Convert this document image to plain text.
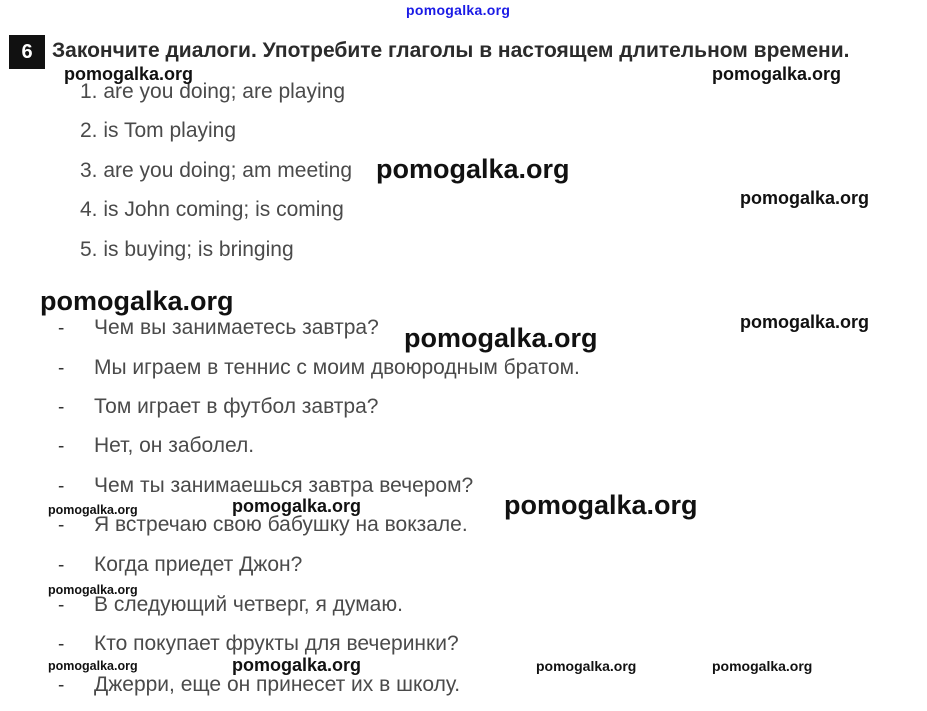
pomogalka.org
6 Закончите диалоги. Употребите глаголы в настоящем длительном времени.
1. are you doing; are playing
2. is Tom playing
3. are you doing; am meeting
4. is John coming; is coming
5. is buying; is bringing
- Чем вы занимаетесь завтра?
- Мы играем в теннис с моим двоюродным братом.
- Том играет в футбол завтра?
- Нет, он заболел.
- Чем ты занимаешься завтра вечером?
- Я встречаю свою бабушку на вокзале.
- Когда приедет Джон?
- В следующий четверг, я думаю.
- Кто покупает фрукты для вечеринки?
- Джерри, еще он принесет их в школу.
pomogalka.org	pomogalka.org
pomogalka.org
pomogalka.org
pomogalka.org
pomogalka.org
pomogalka.org
pomogalka.org
pomogalka.org
pomogalka.org
pomogalka.org
pomogalka.org	pomogalka.org	pomogalka.org	pomogalka.org
